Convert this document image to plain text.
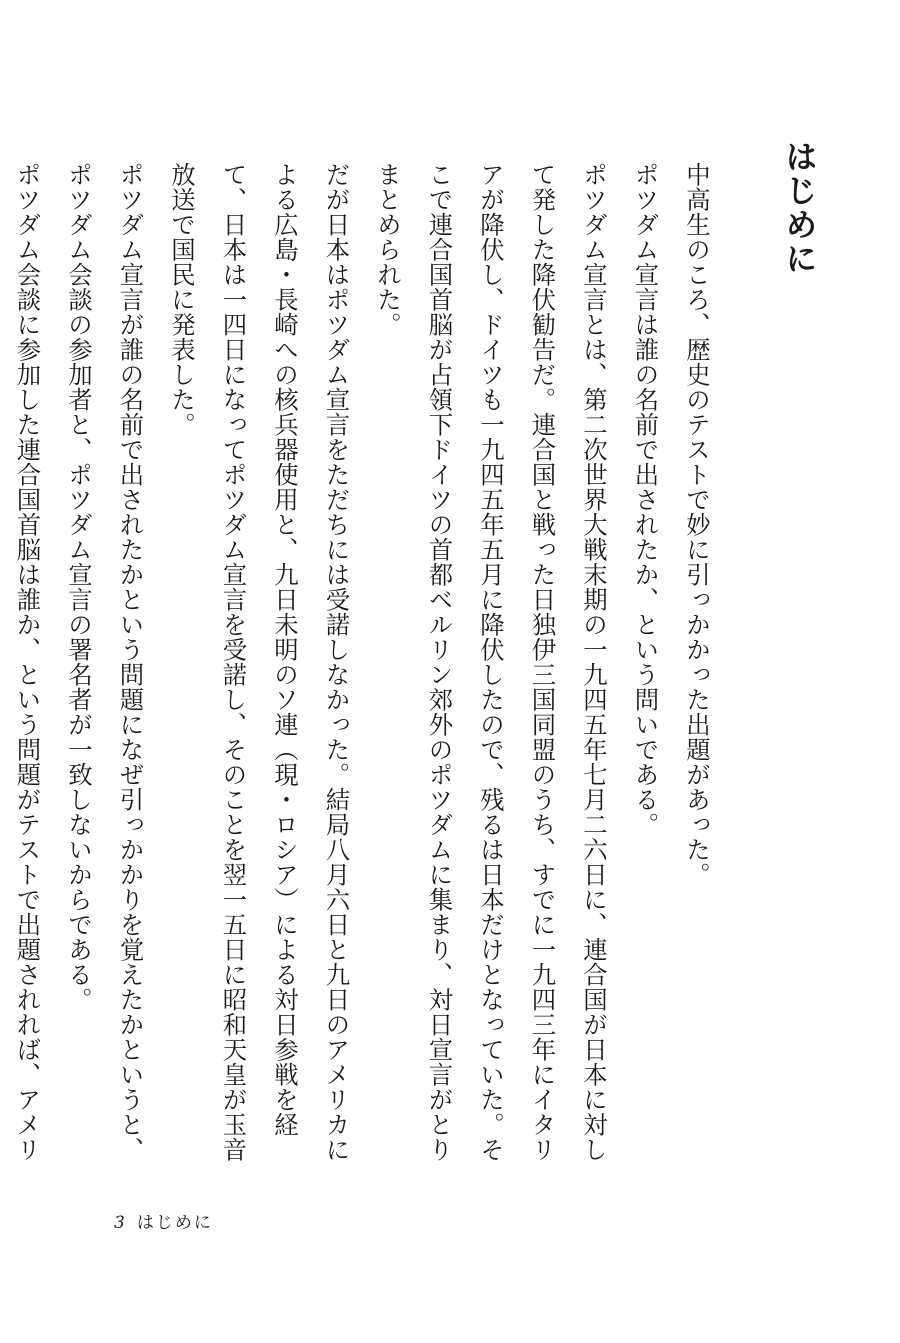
はじめに

中高生のころ、歴史のテストで妙に引っかかった出題があった。

ポツダム宣言は誰の名前で出されたか、という問いである。

ポツダム宣言とは、第二次世界大戦末期の一九四五年七月二六日に、連合国が日本に対して発した降伏勧告だ。連合国と戦った日独伊三国同盟のうち、すでに一九四三年にイタリアが降伏し、ドイツも一九四五年五月に降伏したので、残るは日本だけとなっていた。そこで連合国首脳が占領下ドイツの首都ベルリン郊外のポツダムに集まり、対日宣言がとりまとめられた。

だが日本はポツダム宣言をただちには受諾しなかった。結局八月六日と九日のアメリカによる広島・長崎への核兵器使用と、九日未明のソ連（現・ロシア）による対日参戦を経て、日本は一四日になってポツダム宣言を受諾し、そのことを翌一五日に昭和天皇が玉音放送で国民に発表した。

ポツダム宣言が誰の名前で出されたかという問題になぜ引っかかりを覚えたかというと、ポツダム会談の参加者と、ポツダム宣言の署名者が一致しないからである。

ポツダム会談に参加した連合国首脳は誰か、という問題がテストで出題されれば、アメリ

3 はじめに
